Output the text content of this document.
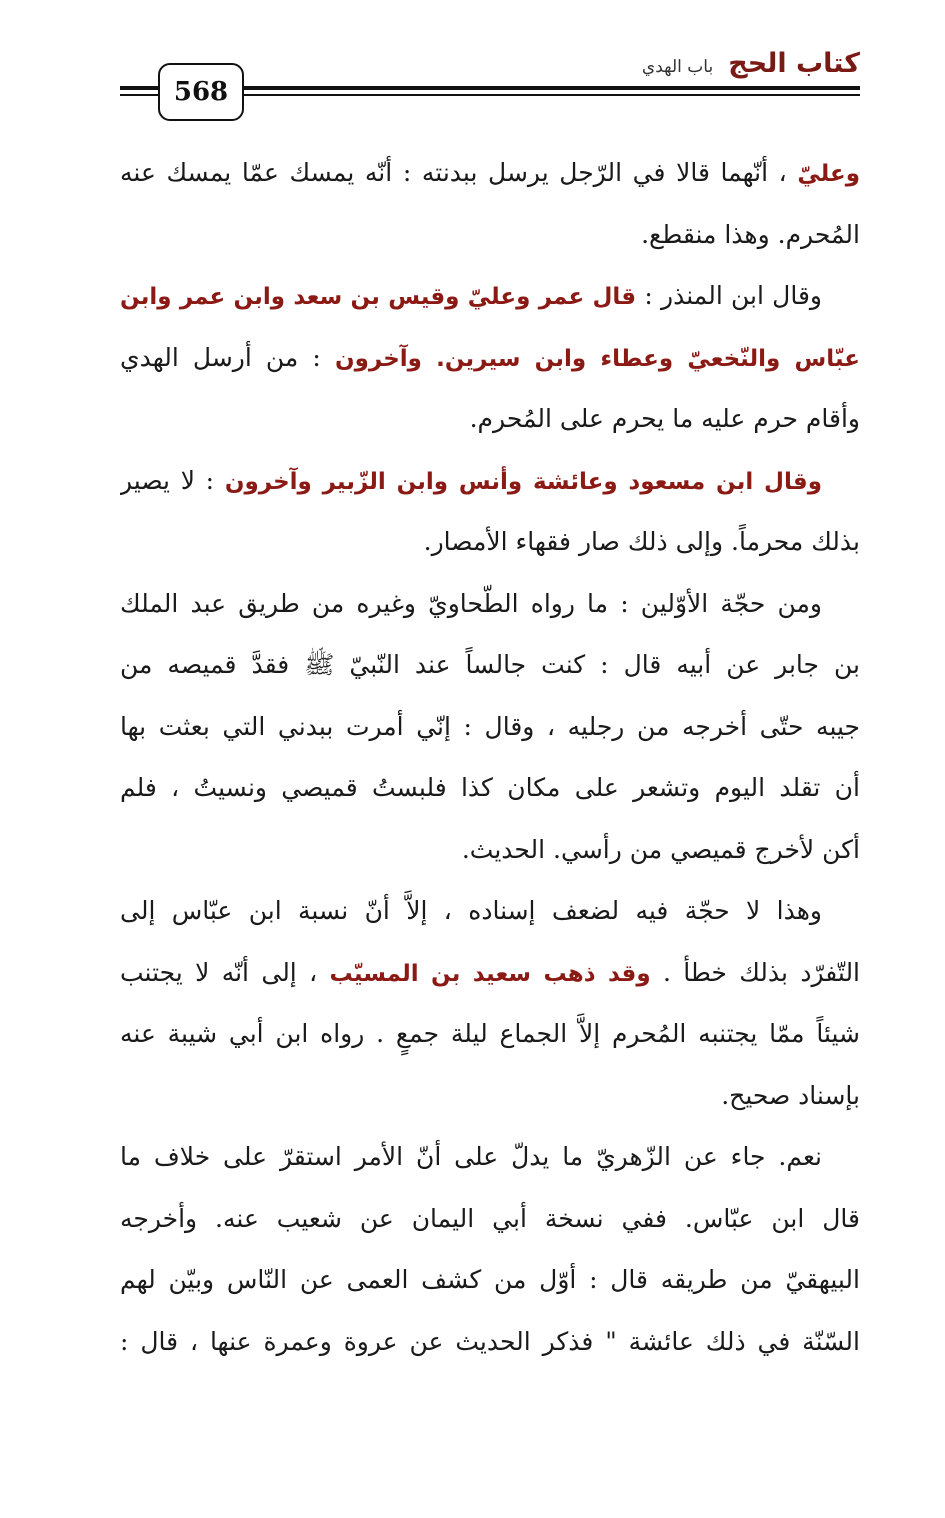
كتاب الحج باب الهدي
568
وعليّ ، أنّهما قالا في الرّجل يرسل ببدنته : أنّه يمسك عمّا يمسك عنه
المُحرم. وهذا منقطع.
وقال ابن المنذر : قال عمر وعليّ وقيس بن سعد وابن عمر وابن
عبّاس والنّخعيّ وعطاء وابن سيرين. وآخرون : من أرسل الهدي
وأقام حرم عليه ما يحرم على المُحرم.
وقال ابن مسعود وعائشة وأنس وابن الزّبير وآخرون : لا يصير
بذلك محرماً. وإلى ذلك صار فقهاء الأمصار.
ومن حجّة الأوّلين : ما رواه الطّحاويّ وغيره من طريق عبد الملك
بن جابر عن أبيه قال : كنت جالساً عند النّبيّ ﷺ فقدَّ قميصه من
جيبه حتّى أخرجه من رجليه ، وقال : إنّي أمرت ببدني التي بعثت بها
أن تقلد اليوم وتشعر على مكان كذا فلبستُ قميصي ونسيتُ ، فلم
أكن لأخرج قميصي من رأسي. الحديث.
وهذا لا حجّة فيه لضعف إسناده ، إلاَّ أنّ نسبة ابن عبّاس إلى
التّفرّد بذلك خطأ . وقد ذهب سعيد بن المسيّب ، إلى أنّه لا يجتنب
شيئاً ممّا يجتنبه المُحرم إلاَّ الجماع ليلة جمعٍ . رواه ابن أبي شيبة عنه
بإسناد صحيح.
نعم. جاء عن الزّهريّ ما يدلّ على أنّ الأمر استقرّ على خلاف ما
قال ابن عبّاس. ففي نسخة أبي اليمان عن شعيب عنه. وأخرجه
البيهقيّ من طريقه قال : أوّل من كشف العمى عن النّاس وبيّن لهم
السّنّة في ذلك عائشة " فذكر الحديث عن عروة وعمرة عنها ، قال :
